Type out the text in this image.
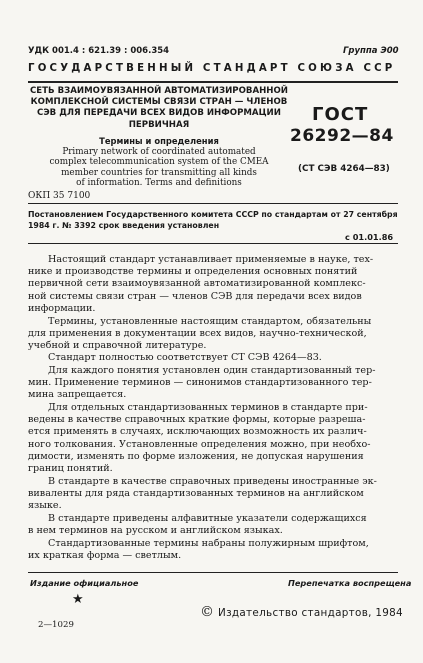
УДК 001.4 : 621.39 : 006.354	Группа Э00
ГОСУДАРСТВЕННЫЙ СТАНДАРТ СОЮЗА ССР
СЕТЬ ВЗАИМОУВЯЗАННОЙ АВТОМАТИЗИРОВАННОЙ
КОМПЛЕКСНОЙ СИСТЕМЫ СВЯЗИ СТРАН — ЧЛЕНОВ
СЭВ ДЛЯ ПЕРЕДАЧИ ВСЕХ ВИДОВ ИНФОРМАЦИИ
ПЕРВИЧНАЯ
Термины и определения
Primary network of coordinated automated
complex telecommunication system of the CMEA
member countries for transmitting all kinds
of information. Terms and definitions
ОКП 35 7100
ГОСТ
26292—84
(СТ СЭВ 4264—83)
Постановлением Государственного комитета СССР по стандартам от 27 сентября
1984 г. № 3392 срок введения установлен
с 01.01.86
Настоящий стандарт устанавливает применяемые в науке, тех-
нике и производстве термины и определения основных понятий
первичной сети взаимоувязанной автоматизированной комплекс-
ной системы связи стран — членов СЭВ для передачи всех видов
информации.
Термины, установленные настоящим стандартом, обязательны
для применения в документации всех видов, научно-технической,
учебной и справочной литературе.
Стандарт полностью соответствует СТ СЭВ 4264—83.
Для каждого понятия установлен один стандартизованный тер-
мин. Применение терминов — синонимов стандартизованного тер-
мина запрещается.
Для отдельных стандартизованных терминов в стандарте при-
ведены в качестве справочных краткие формы, которые разреша-
ется применять в случаях, исключающих возможность их различ-
ного толкования. Установленные определения можно, при необхо-
димости, изменять по форме изложения, не допуская нарушения
границ понятий.
В стандарте в качестве справочных приведены иностранные эк-
виваленты для ряда стандартизованных терминов на английском
языке.
В стандарте приведены алфавитные указатели содержащихся
в нем терминов на русском и английском языках.
Стандартизованные термины набраны полужирным шрифтом,
их краткая форма — светлым.
Издание официальное	Перепечатка воспрещена
★
© Издательство стандартов, 1984
2—1029
